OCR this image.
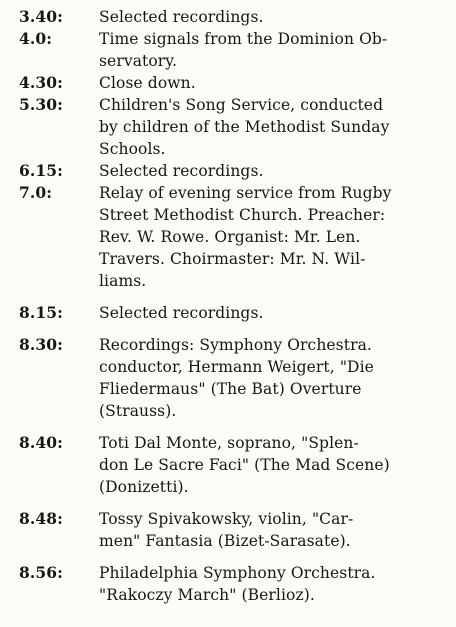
3.40:	Selected recordings.
4.0:	Time signals from the Dominion Ob-
servatory.
4.30:	Close down.
5.30:	Children's Song Service, conducted
by children of the Methodist Sunday
Schools.
6.15:	Selected recordings.
7.0:	Relay of evening service from Rugby
Street Methodist Church. Preacher:
Rev. W. Rowe. Organist: Mr. Len.
Travers. Choirmaster: Mr. N. Wil-
liams.
8.15:	Selected recordings.
8.30:	Recordings: Symphony Orchestra.
conductor, Hermann Weigert, "Die
Fliedermaus" (The Bat) Overture
(Strauss).
8.40:	Toti Dal Monte, soprano, "Splen-
don Le Sacre Faci" (The Mad Scene)
(Donizetti).
8.48:	Tossy Spivakowsky, violin, "Car-
men" Fantasia (Bizet-Sarasate).
8.56:	Philadelphia Symphony Orchestra.
"Rakoczy March" (Berlioz).
